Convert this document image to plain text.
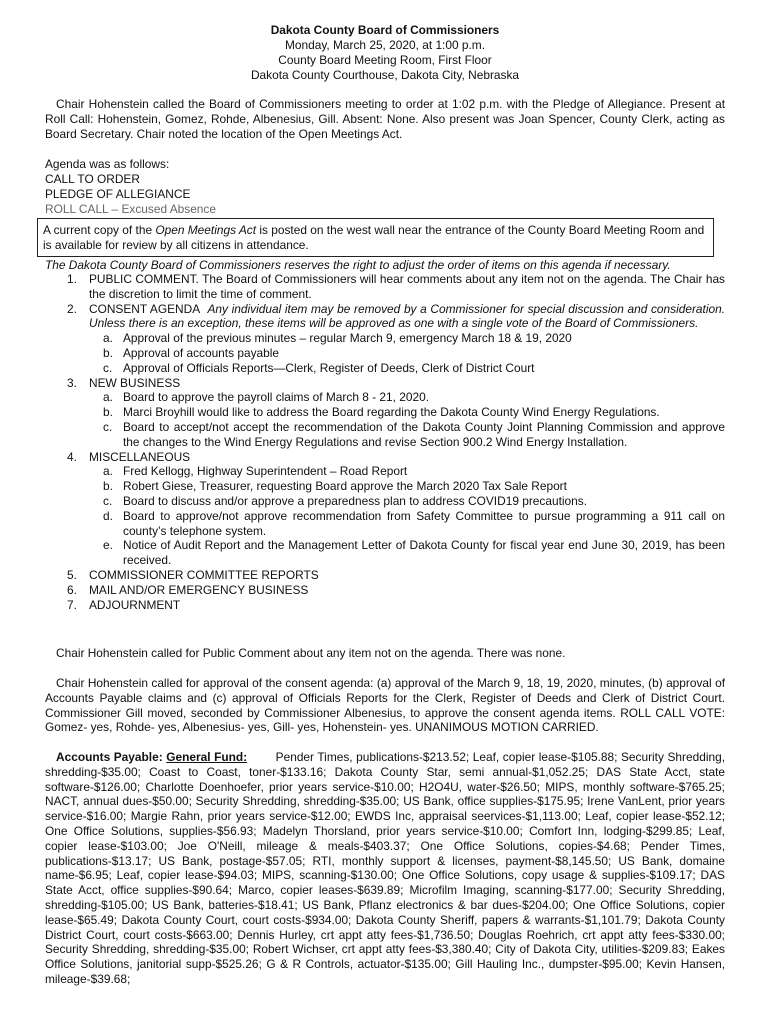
Dakota County Board of Commissioners
Monday, March 25, 2020, at 1:00 p.m.
County Board Meeting Room, First Floor
Dakota County Courthouse, Dakota City, Nebraska
Chair Hohenstein called the Board of Commissioners meeting to order at 1:02 p.m. with the Pledge of Allegiance. Present at Roll Call: Hohenstein, Gomez, Rohde, Albenesius, Gill. Absent: None. Also present was Joan Spencer, County Clerk, acting as Board Secretary. Chair noted the location of the Open Meetings Act.
Agenda was as follows:
CALL TO ORDER
PLEDGE OF ALLEGIANCE
ROLL CALL – Excused Absence
A current copy of the Open Meetings Act is posted on the west wall near the entrance of the County Board Meeting Room and is available for review by all citizens in attendance.
The Dakota County Board of Commissioners reserves the right to adjust the order of items on this agenda if necessary.
1. PUBLIC COMMENT. The Board of Commissioners will hear comments about any item not on the agenda. The Chair has the discretion to limit the time of comment.
2. CONSENT AGENDA Any individual item may be removed by a Commissioner for special discussion and consideration. Unless there is an exception, these items will be approved as one with a single vote of the Board of Commissioners.
a. Approval of the previous minutes – regular March 9, emergency March 18 & 19, 2020
b. Approval of accounts payable
c. Approval of Officials Reports—Clerk, Register of Deeds, Clerk of District Court
3. NEW BUSINESS
a. Board to approve the payroll claims of March 8 - 21, 2020.
b. Marci Broyhill would like to address the Board regarding the Dakota County Wind Energy Regulations.
c. Board to accept/not accept the recommendation of the Dakota County Joint Planning Commission and approve the changes to the Wind Energy Regulations and revise Section 900.2 Wind Energy Installation.
4. MISCELLANEOUS
a. Fred Kellogg, Highway Superintendent – Road Report
b. Robert Giese, Treasurer, requesting Board approve the March 2020 Tax Sale Report
c. Board to discuss and/or approve a preparedness plan to address COVID19 precautions.
d. Board to approve/not approve recommendation from Safety Committee to pursue programming a 911 call on county’s telephone system.
e. Notice of Audit Report and the Management Letter of Dakota County for fiscal year end June 30, 2019, has been received.
5. COMMISSIONER COMMITTEE REPORTS
6. MAIL AND/OR EMERGENCY BUSINESS
7. ADJOURNMENT
Chair Hohenstein called for Public Comment about any item not on the agenda. There was none.
Chair Hohenstein called for approval of the consent agenda: (a) approval of the March 9, 18, 19, 2020, minutes, (b) approval of Accounts Payable claims and (c) approval of Officials Reports for the Clerk, Register of Deeds and Clerk of District Court. Commissioner Gill moved, seconded by Commissioner Albenesius, to approve the consent agenda items. ROLL CALL VOTE: Gomez- yes, Rohde- yes, Albenesius- yes, Gill- yes, Hohenstein- yes. UNANIMOUS MOTION CARRIED.
Accounts Payable: General Fund: Pender Times, publications-$213.52; Leaf, copier lease-$105.88; Security Shredding, shredding-$35.00; Coast to Coast, toner-$133.16; Dakota County Star, semi annual-$1,052.25; DAS State Acct, state software-$126.00; Charlotte Doenhoefer, prior years service-$10.00; H2O4U, water-$26.50; MIPS, monthly software-$765.25; NACT, annual dues-$50.00; Security Shredding, shredding-$35.00; US Bank, office supplies-$175.95; Irene VanLent, prior years service-$16.00; Margie Rahn, prior years service-$12.00; EWDS Inc, appraisal seervices-$1,113.00; Leaf, copier lease-$52.12; One Office Solutions, supplies-$56.93; Madelyn Thorsland, prior years service-$10.00; Comfort Inn, lodging-$299.85; Leaf, copier lease-$103.00; Joe O'Neill, mileage & meals-$403.37; One Office Solutions, copies-$4.68; Pender Times, publications-$13.17; US Bank, postage-$57.05; RTI, monthly support & licenses, payment-$8,145.50; US Bank, domaine name-$6.95; Leaf, copier lease-$94.03; MIPS, scanning-$130.00; One Office Solutions, copy usage & supplies-$109.17; DAS State Acct, office supplies-$90.64; Marco, copier leases-$639.89; Microfilm Imaging, scanning-$177.00; Security Shredding, shredding-$105.00; US Bank, batteries-$18.41; US Bank, Pflanz electronics & bar dues-$204.00; One Office Solutions, copier lease-$65.49; Dakota County Court, court costs-$934.00; Dakota County Sheriff, papers & warrants-$1,101.79; Dakota County District Court, court costs-$663.00; Dennis Hurley, crt appt atty fees-$1,736.50; Douglas Roehrich, crt appt atty fees-$330.00; Security Shredding, shredding-$35.00; Robert Wichser, crt appt atty fees-$3,380.40; City of Dakota City, utilities-$209.83; Eakes Office Solutions, janitorial supp-$525.26; G & R Controls, actuator-$135.00; Gill Hauling Inc., dumpster-$95.00; Kevin Hansen, mileage-$39.68;
